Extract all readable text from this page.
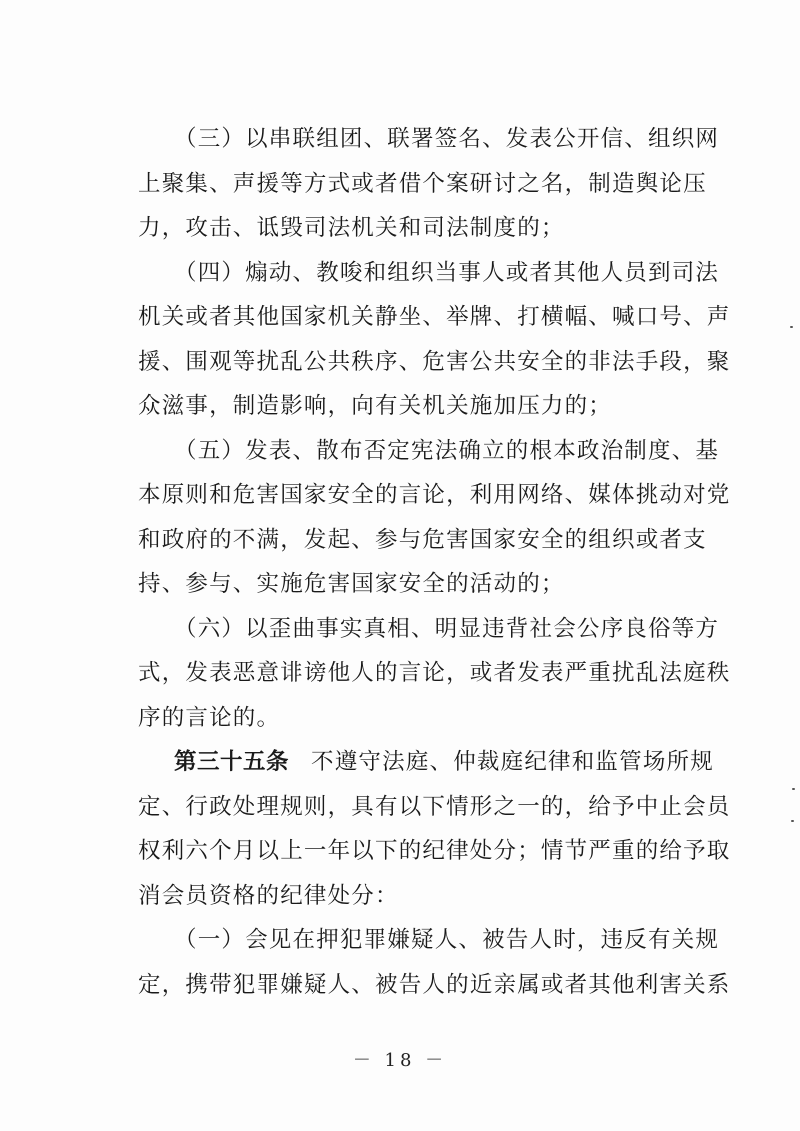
（三）以串联组团、联署签名、发表公开信、组织网
上聚集、声援等方式或者借个案研讨之名，制造舆论压
力，攻击、诋毁司法机关和司法制度的；
（四）煽动、教唆和组织当事人或者其他人员到司法
机关或者其他国家机关静坐、举牌、打横幅、喊口号、声
援、围观等扰乱公共秩序、危害公共安全的非法手段，聚
众滋事，制造影响，向有关机关施加压力的；
（五）发表、散布否定宪法确立的根本政治制度、基
本原则和危害国家安全的言论，利用网络、媒体挑动对党
和政府的不满，发起、参与危害国家安全的组织或者支
持、参与、实施危害国家安全的活动的；
（六）以歪曲事实真相、明显违背社会公序良俗等方
式，发表恶意诽谤他人的言论，或者发表严重扰乱法庭秩
序的言论的。
第三十五条 不遵守法庭、仲裁庭纪律和监管场所规
定、行政处理规则，具有以下情形之一的，给予中止会员
权利六个月以上一年以下的纪律处分；情节严重的给予取
消会员资格的纪律处分：
（一）会见在押犯罪嫌疑人、被告人时，违反有关规
定，携带犯罪嫌疑人、被告人的近亲属或者其他利害关系
－ 18 －
